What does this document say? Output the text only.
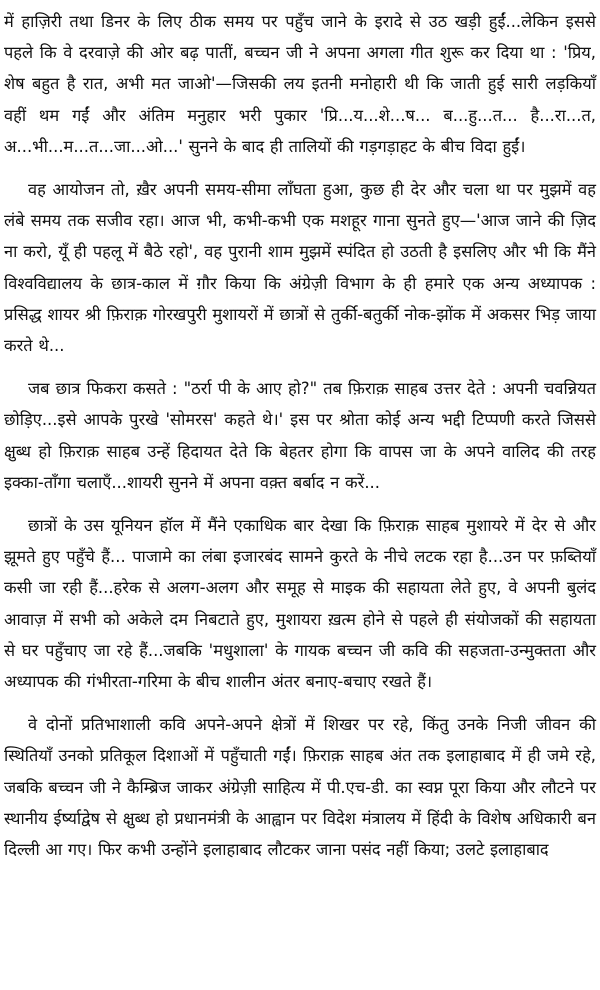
में हाज़िरी तथा डिनर के लिए ठीक समय पर पहुँच जाने के इरादे से उठ खड़ी हुईं...लेकिन इससे पहले कि वे दरवाज़े की ओर बढ़ पातीं, बच्चन जी ने अपना अगला गीत शुरू कर दिया था : 'प्रिय, शेष बहुत है रात, अभी मत जाओ'—जिसकी लय इतनी मनोहारी थी कि जाती हुई सारी लड़कियाँ वहीं थम गईं और अंतिम मनुहार भरी पुकार 'प्रि...य...शे...ष... ब...हु...त... है...रा...त, अ...भी...म...त...जा...ओ...' सुनने के बाद ही तालियों की गड़गड़ाहट के बीच विदा हुईं।

वह आयोजन तो, ख़ैर अपनी समय-सीमा लाँघता हुआ, कुछ ही देर और चला था पर मुझमें वह लंबे समय तक सजीव रहा। आज भी, कभी-कभी एक मशहूर गाना सुनते हुए—'आज जाने की ज़िद ना करो, यूँ ही पहलू में बैठे रहो', वह पुरानी शाम मुझमें स्पंदित हो उठती है इसलिए और भी कि मैंने विश्वविद्यालय के छात्र-काल में ग़ौर किया कि अंग्रेज़ी विभाग के ही हमारे एक अन्य अध्यापक : प्रसिद्ध शायर श्री फ़िराक़ गोरखपुरी मुशायरों में छात्रों से तुर्की-बतुर्की नोक-झोंक में अकसर भिड़ जाया करते थे...

जब छात्र फिकरा कसते : "ठर्रा पी के आए हो?" तब फ़िराक़ साहब उत्तर देते : अपनी चवन्नियत छोड़िए...इसे आपके पुरखे 'सोमरस' कहते थे।' इस पर श्रोता कोई अन्य भद्दी टिप्पणी करते जिससे क्षुब्ध हो फ़िराक़ साहब उन्हें हिदायत देते कि बेहतर होगा कि वापस जा के अपने वालिद की तरह इक्का-ताँगा चलाएँ...शायरी सुनने में अपना वक़्त बर्बाद न करें...

छात्रों के उस यूनियन हॉल में मैंने एकाधिक बार देखा कि फ़िराक़ साहब मुशायरे में देर से और झूमते हुए पहुँचे हैं... पाजामे का लंबा इजारबंद सामने कुरते के नीचे लटक रहा है...उन पर फ़ब्तियाँ कसी जा रही हैं...हरेक से अलग-अलग और समूह से माइक की सहायता लेते हुए, वे अपनी बुलंद आवाज़ में सभी को अकेले दम निबटाते हुए, मुशायरा ख़त्म होने से पहले ही संयोजकों की सहायता से घर पहुँचाए जा रहे हैं...जबकि 'मधुशाला' के गायक बच्चन जी कवि की सहजता-उन्मुक्तता और अध्यापक की गंभीरता-गरिमा के बीच शालीन अंतर बनाए-बचाए रखते हैं।

वे दोनों प्रतिभाशाली कवि अपने-अपने क्षेत्रों में शिखर पर रहे, किंतु उनके निजी जीवन की स्थितियाँ उनको प्रतिकूल दिशाओं में पहुँचाती गईं। फ़िराक़ साहब अंत तक इलाहाबाद में ही जमे रहे, जबकि बच्चन जी ने कैम्ब्रिज जाकर अंग्रेज़ी साहित्य में पी.एच-डी. का स्वप्न पूरा किया और लौटने पर स्थानीय ईर्ष्याद्वेष से क्षुब्ध हो प्रधानमंत्री के आह्वान पर विदेश मंत्रालय में हिंदी के विशेष अधिकारी बन दिल्ली आ गए। फिर कभी उन्होंने इलाहाबाद लौटकर जाना पसंद नहीं किया; उलटे इलाहाबाद
